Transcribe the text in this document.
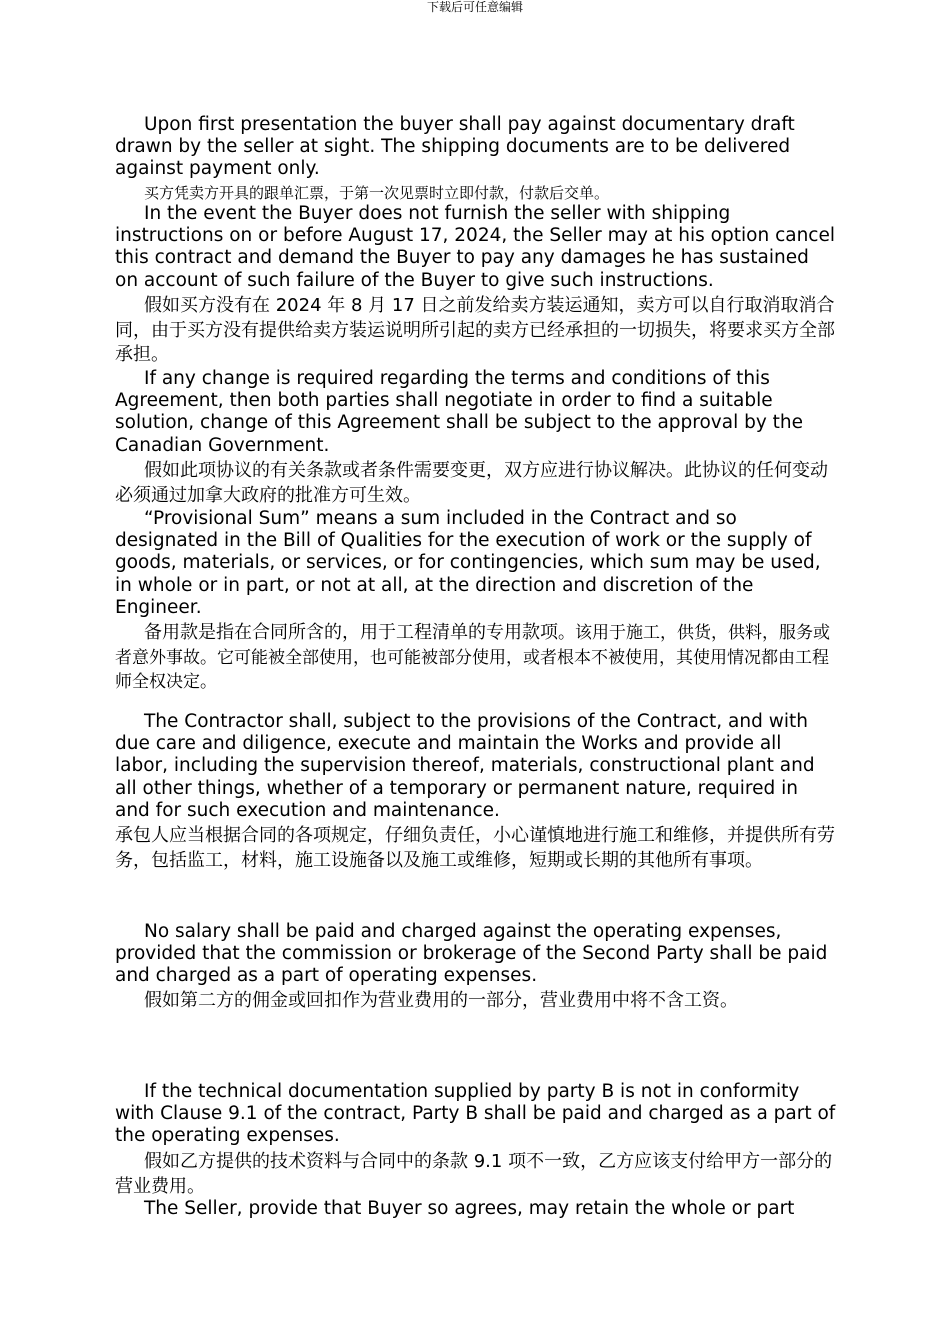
下载后可任意编辑

Upon first presentation the buyer shall pay against documentary draft drawn by the seller at sight. The shipping documents are to be delivered against payment only.

买方凭卖方开具的跟单汇票，于第一次见票时立即付款，付款后交单。

In the event the Buyer does not furnish the seller with shipping instructions on or before August 17, 2024, the Seller may at his option cancel this contract and demand the Buyer to pay any damages he has sustained on account of such failure of the Buyer to give such instructions.

假如买方没有在 2024 年 8 月 17 日之前发给卖方装运通知，卖方可以自行取消取消合同，由于买方没有提供给卖方装运说明所引起的卖方已经承担的一切损失，将要求买方全部承担。

If any change is required regarding the terms and conditions of this Agreement, then both parties shall negotiate in order to find a suitable solution, change of this Agreement shall be subject to the approval by the Canadian Government.

假如此项协议的有关条款或者条件需要变更，双方应进行协议解决。此协议的任何变动必须通过加拿大政府的批准方可生效。

“Provisional Sum” means a sum included in the Contract and so designated in the Bill of Qualities for the execution of work or the supply of goods, materials, or services, or for contingencies, which sum may be used, in whole or in part, or not at all, at the direction and discretion of the Engineer.

备用款是指在合同所含的，用于工程清单的专用款项。该用于施工，供货，供料，服务或者意外事故。它可能被全部使用，也可能被部分使用，或者根本不被使用，其使用情况都由工程师全权决定。

The Contractor shall, subject to the provisions of the Contract, and with due care and diligence, execute and maintain the Works and provide all labor, including the supervision thereof, materials, constructional plant and all other things, whether of a temporary or permanent nature, required in and for such execution and maintenance.

承包人应当根据合同的各项规定，仔细负责任，小心谨慎地进行施工和维修，并提供所有劳务，包括监工，材料，施工设施备以及施工或维修，短期或长期的其他所有事项。

No salary shall be paid and charged against the operating expenses, provided that the commission or brokerage of the Second Party shall be paid and charged as a part of operating expenses.

假如第二方的佣金或回扣作为营业费用的一部分，营业费用中将不含工资。

If the technical documentation supplied by party B is not in conformity with Clause 9.1 of the contract, Party B shall be paid and charged as a part of the operating expenses.

假如乙方提供的技术资料与合同中的条款 9.1 项不一致，乙方应该支付给甲方一部分的营业费用。

The Seller, provide that Buyer so agrees, may retain the whole or part
